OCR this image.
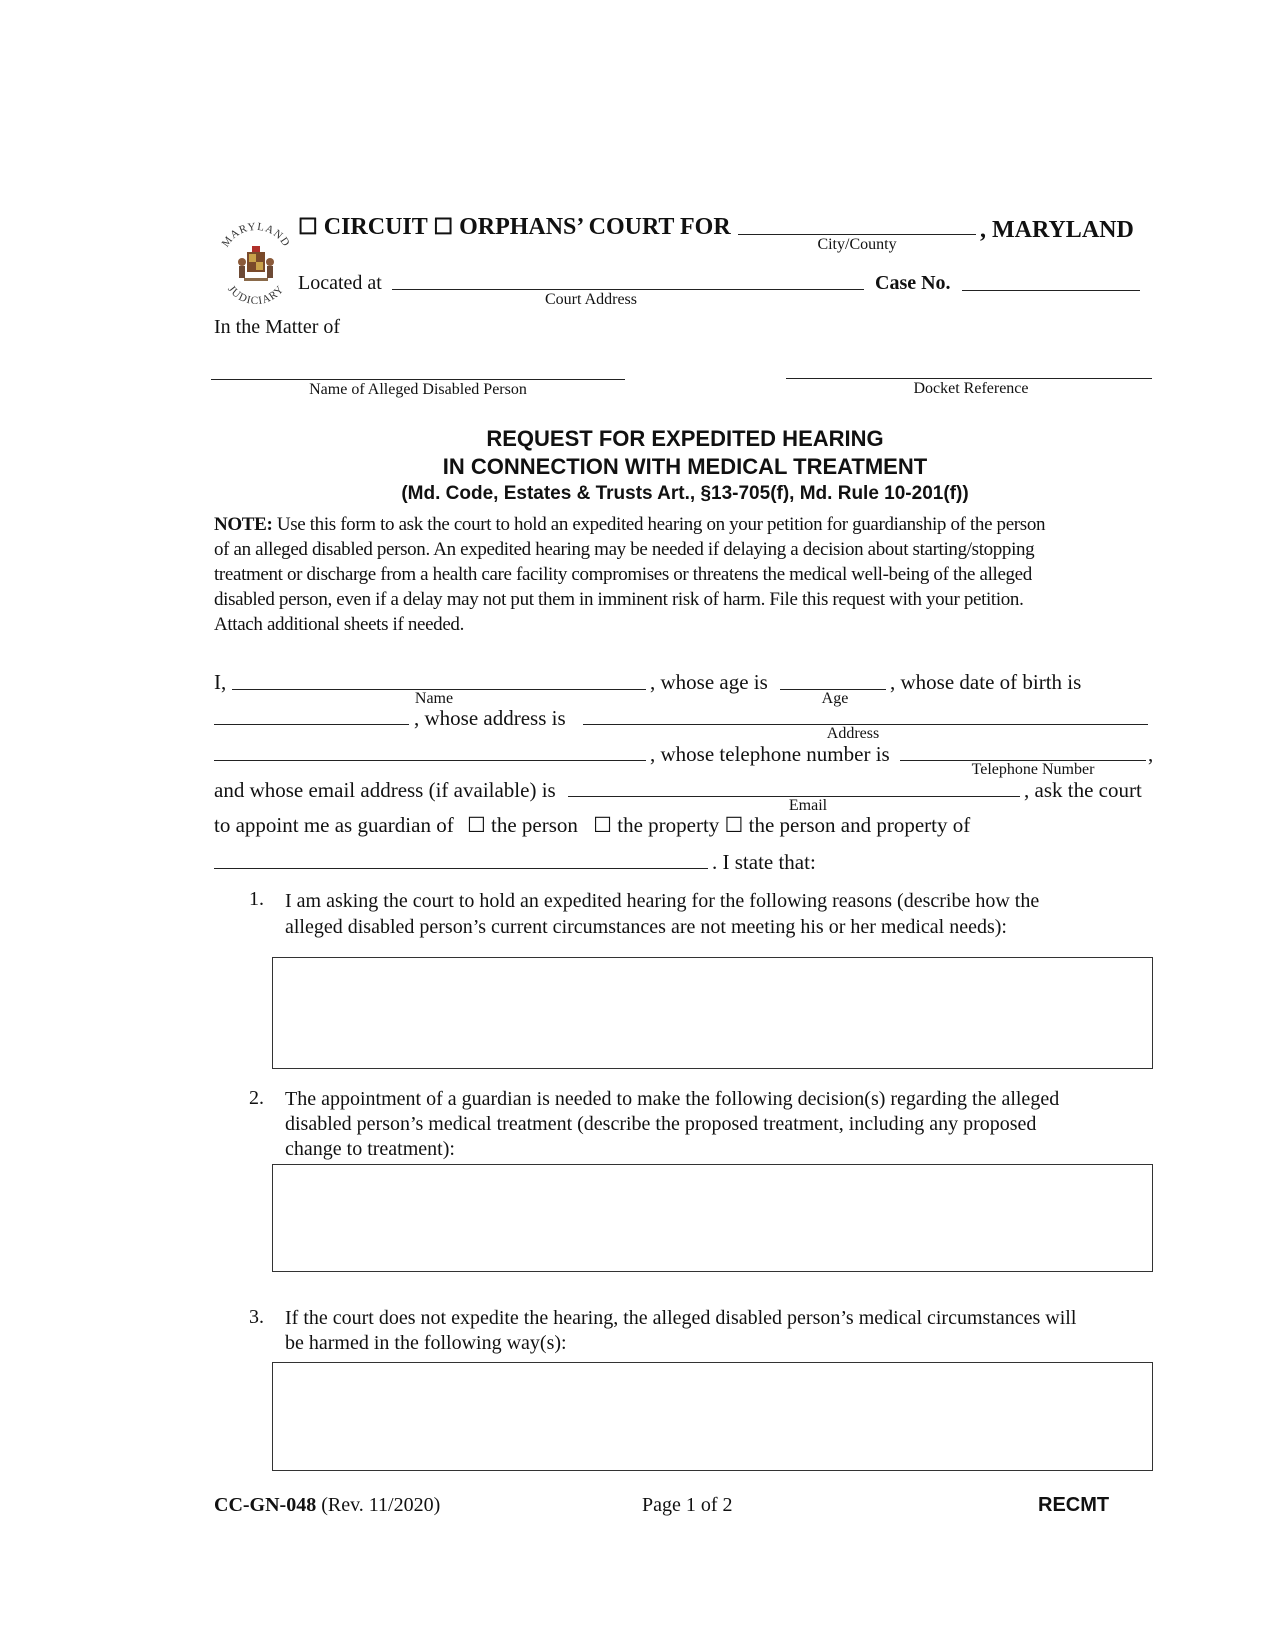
MARYLAND
JUDICIARY
☐ CIRCUIT ☐ ORPHANS’ COURT FOR
City/County
, MARYLAND
Located at
Court Address
Case No.
In the Matter of
Name of Alleged Disabled Person	Docket Reference
REQUEST FOR EXPEDITED HEARING
IN CONNECTION WITH MEDICAL TREATMENT
(Md. Code, Estates & Trusts Art., §13-705(f), Md. Rule 10-201(f))
NOTE: Use this form to ask the court to hold an expedited hearing on your petition for guardianship of the person
of an alleged disabled person. An expedited hearing may be needed if delaying a decision about starting/stopping
treatment or discharge from a health care facility compromises or threatens the medical well-being of the alleged
disabled person, even if a delay may not put them in imminent risk of harm. File this request with your petition.
Attach additional sheets if needed.
I,
Name
, whose age is
Age
, whose date of birth is
, whose address is
Address
, whose telephone number is
Telephone Number
,
and whose email address (if available) is
Email
, ask the court
to appoint me as guardian of ☐ the person ☐ the property ☐ the person and property of
. I state that:
1. I am asking the court to hold an expedited hearing for the following reasons (describe how the
alleged disabled person’s current circumstances are not meeting his or her medical needs):
2. The appointment of a guardian is needed to make the following decision(s) regarding the alleged
disabled person’s medical treatment (describe the proposed treatment, including any proposed
change to treatment):
3. If the court does not expedite the hearing, the alleged disabled person’s medical circumstances will
be harmed in the following way(s):
CC-GN-048 (Rev. 11/2020)	Page 1 of 2	RECMT
